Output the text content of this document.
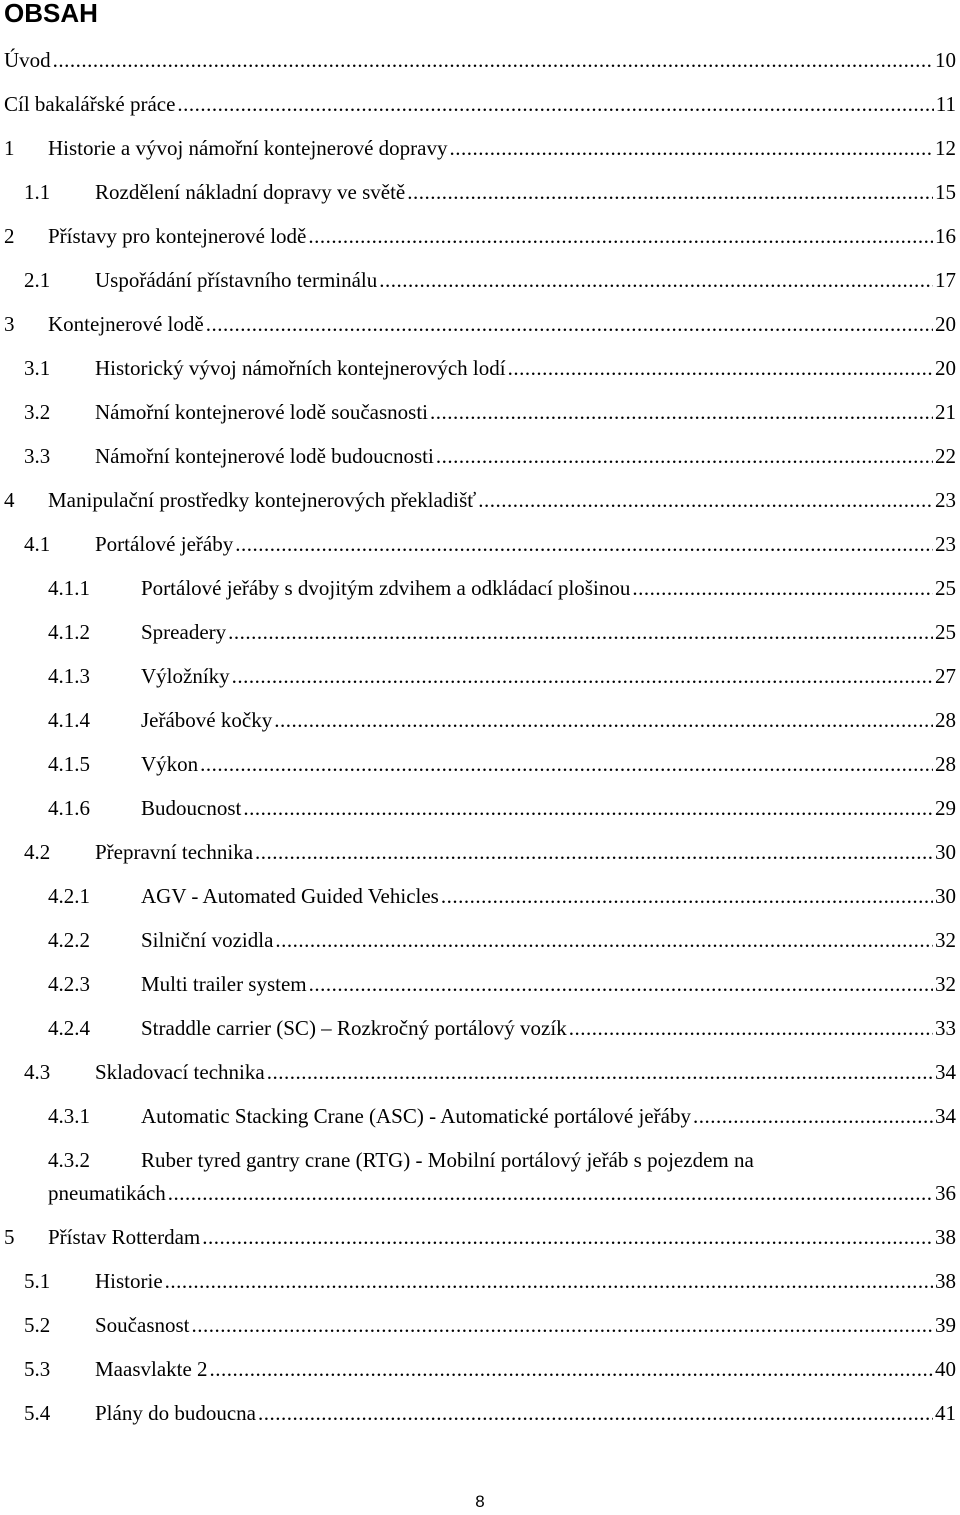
OBSAH
Úvod .....	10
Cíl bakalářské práce .....	11
1 Historie a vývoj námořní kontejnerové dopravy .....	12
1.1 Rozdělení nákladní dopravy ve světě .....	15
2 Přístavy pro kontejnerové lodě .....	16
2.1 Uspořádání přístavního terminálu .....	17
3 Kontejnerové lodě .....	20
3.1 Historický vývoj námořních kontejnerových lodí .....	20
3.2 Námořní kontejnerové lodě současnosti .....	21
3.3 Námořní kontejnerové lodě budoucnosti .....	22
4 Manipulační prostředky kontejnerových překladišť .....	23
4.1 Portálové jeřáby .....	23
4.1.1 Portálové jeřáby s dvojitým zdvihem a odkládací plošinou .....	25
4.1.2 Spreadery .....	25
4.1.3 Výložníky .....	27
4.1.4 Jeřábové kočky .....	28
4.1.5 Výkon .....	28
4.1.6 Budoucnost .....	29
4.2 Přepravní technika .....	30
4.2.1 AGV - Automated Guided Vehicles .....	30
4.2.2 Silniční vozidla .....	32
4.2.3 Multi trailer system .....	32
4.2.4 Straddle carrier (SC) – Rozkročný portálový vozík .....	33
4.3 Skladovací technika .....	34
4.3.1 Automatic Stacking Crane (ASC) - Automatické portálové jeřáby .....	34
4.3.2 Ruber tyred gantry crane (RTG) - Mobilní portálový jeřáb s pojezdem na
pneumatikách .....	36
5 Přístav Rotterdam .....	38
5.1 Historie .....	38
5.2 Současnost .....	39
5.3 Maasvlakte 2 .....	40
5.4 Plány do budoucna .....	41
8
